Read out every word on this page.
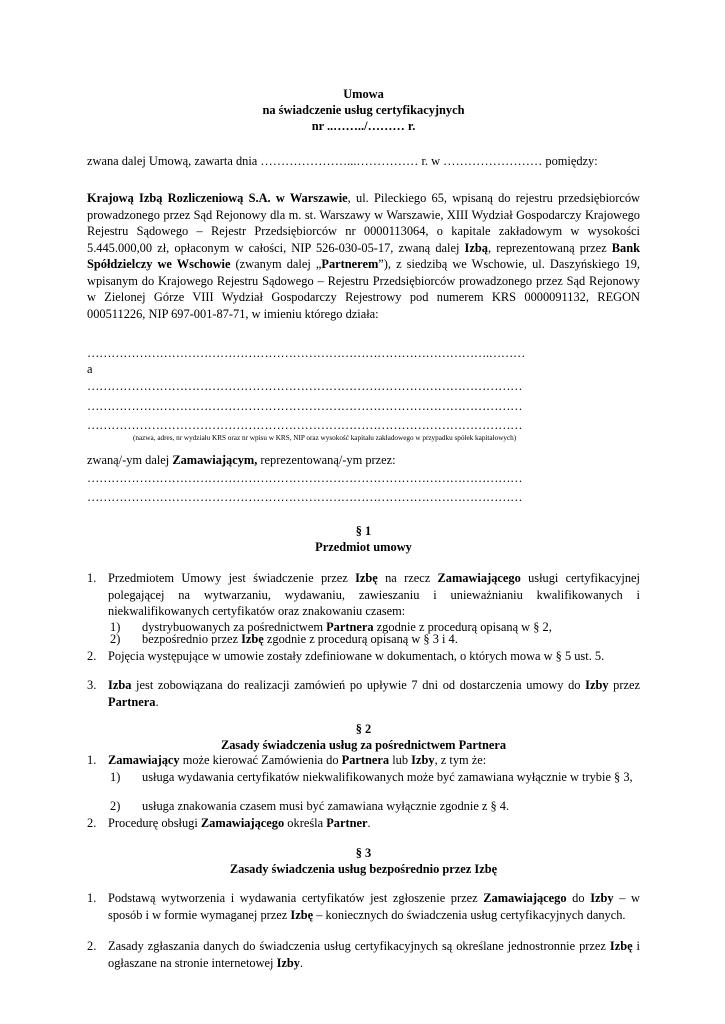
Umowa
na świadczenie usług certyfikacyjnych
nr ..……../……… r.
zwana dalej Umową, zawarta dnia …………………...…………… r. w …………………… pomiędzy:

Krajową Izbą Rozliczeniową S.A. w Warszawie, ul. Pileckiego 65, wpisaną do rejestru przedsiębiorców prowadzonego przez Sąd Rejonowy dla m. st. Warszawy w Warszawie, XIII Wydział Gospodarczy Krajowego Rejestru Sądowego – Rejestr Przedsiębiorców nr 0000113064, o kapitale zakładowym w wysokości 5.445.000,00 zł, opłaconym w całości, NIP 526-030-05-17, zwaną dalej Izbą, reprezentowaną przez Bank Spółdzielczy we Wschowie (zwanym dalej „Partnerem”), z siedzibą we Wschowie, ul. Daszyńskiego 19, wpisanym do Krajowego Rejestru Sądowego – Rejestru Przedsiębiorców prowadzonego przez Sąd Rejonowy w Zielonej Górze VIII Wydział Gospodarczy Rejestrowy pod numerem KRS 0000091132, REGON 000511226, NIP 697-001-87-71, w imieniu którego działa:

……………………………………………………………………………………….………
a
………………………………………………………………………………………………
………………………………………………………………………………………………
………………………………………………………………………………………………
(nazwa, adres, nr wydziału KRS oraz nr wpisu w KRS, NIP oraz wysokość kapitału zakładowego w przypadku spółek kapitałowych)
zwaną/-ym dalej Zamawiającym, reprezentowaną/-ym przez:
………………………………………………………………………………………………
………………………………………………………………………………………………
§ 1
Przedmiot umowy
1. Przedmiotem Umowy jest świadczenie przez Izbę na rzecz Zamawiającego usługi certyfikacyjnej polegającej na wytwarzaniu, wydawaniu, zawieszaniu i unieważnianiu kwalifikowanych i niekwalifikowanych certyfikatów oraz znakowaniu czasem:
1)	dystrybuowanych za pośrednictwem Partnera zgodnie z procedurą opisaną w § 2,
2)	bezpośrednio przez Izbę zgodnie z procedurą opisaną w § 3 i 4.
2. Pojęcia występujące w umowie zostały zdefiniowane w dokumentach, o których mowa w § 5 ust. 5.
3. Izba jest zobowiązana do realizacji zamówień po upływie 7 dni od dostarczenia umowy do Izby przez Partnera.
§ 2
Zasady świadczenia usług za pośrednictwem Partnera
1. Zamawiający może kierować Zamówienia do Partnera lub Izby, z tym że:
1)	usługa wydawania certyfikatów niekwalifikowanych może być zamawiana wyłącznie w trybie § 3,
2)	usługa znakowania czasem musi być zamawiana wyłącznie zgodnie z § 4.
2. Procedurę obsługi Zamawiającego określa Partner.
§ 3
Zasady świadczenia usług bezpośrednio przez Izbę
1. Podstawą wytworzenia i wydawania certyfikatów jest zgłoszenie przez Zamawiającego do Izby – w sposób i w formie wymaganej przez Izbę – koniecznych do świadczenia usług certyfikacyjnych danych.
2. Zasady zgłaszania danych do świadczenia usług certyfikacyjnych są określane jednostronnie przez Izbę i ogłaszane na stronie internetowej Izby.
